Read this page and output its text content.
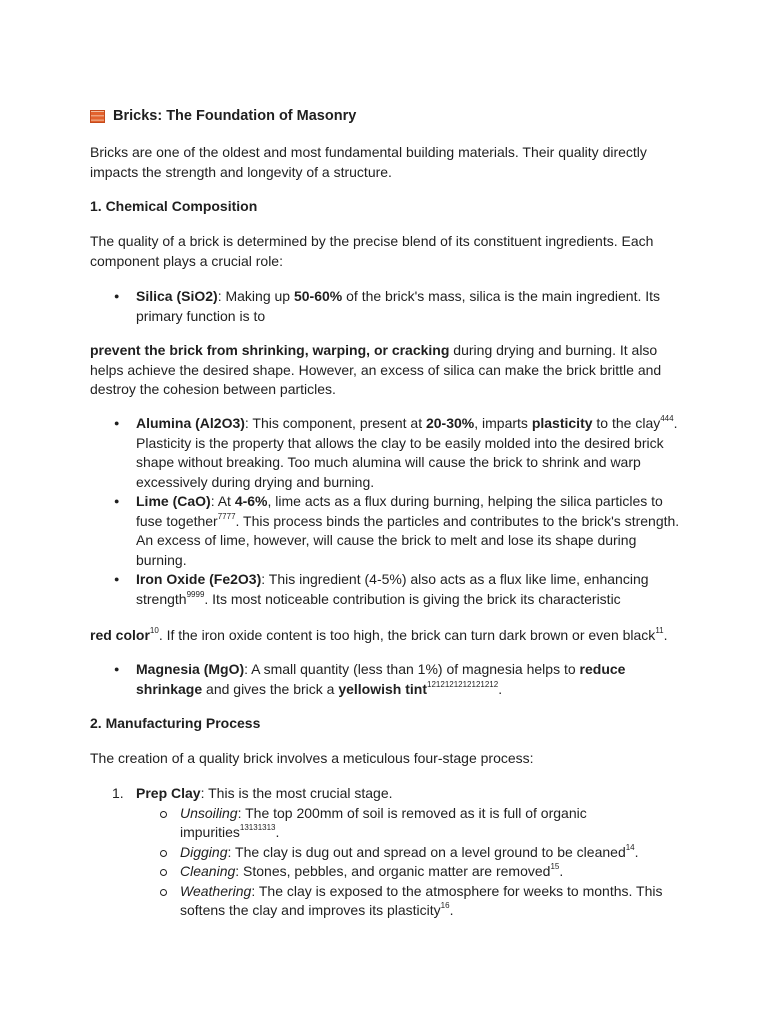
Bricks: The Foundation of Masonry

Bricks are one of the oldest and most fundamental building materials. Their quality directly impacts the strength and longevity of a structure.

1. Chemical Composition

The quality of a brick is determined by the precise blend of its constituent ingredients. Each component plays a crucial role:

● Silica (SiO2): Making up 50-60% of the brick's mass, silica is the main ingredient. Its primary function is to

prevent the brick from shrinking, warping, or cracking during drying and burning. It also helps achieve the desired shape. However, an excess of silica can make the brick brittle and destroy the cohesion between particles.

● Alumina (Al2O3): This component, present at 20-30%, imparts plasticity to the clay$^{444}$. Plasticity is the property that allows the clay to be easily molded into the desired brick shape without breaking. Too much alumina will cause the brick to shrink and warp excessively during drying and burning.
● Lime (CaO): At 4-6%, lime acts as a flux during burning, helping the silica particles to fuse together$^{7777}$. This process binds the particles and contributes to the brick's strength. An excess of lime, however, will cause the brick to melt and lose its shape during burning.
● Iron Oxide (Fe2O3): This ingredient (4-5%) also acts as a flux like lime, enhancing strength$^{9999}$. Its most noticeable contribution is giving the brick its characteristic

red color$^{10}$. If the iron oxide content is too high, the brick can turn dark brown or even black$^{11}$.

● Magnesia (MgO): A small quantity (less than 1%) of magnesia helps to reduce shrinkage and gives the brick a yellowish tint$^{1212121212121212}$.

2. Manufacturing Process

The creation of a quality brick involves a meticulous four-stage process:

1. Prep Clay: This is the most crucial stage.
Unsoiling: The top 200mm of soil is removed as it is full of organic impurities$^{13131313}$.
Digging: The clay is dug out and spread on a level ground to be cleaned$^{14}$.
Cleaning: Stones, pebbles, and organic matter are removed$^{15}$.
Weathering: The clay is exposed to the atmosphere for weeks to months. This softens the clay and improves its plasticity$^{16}$.
